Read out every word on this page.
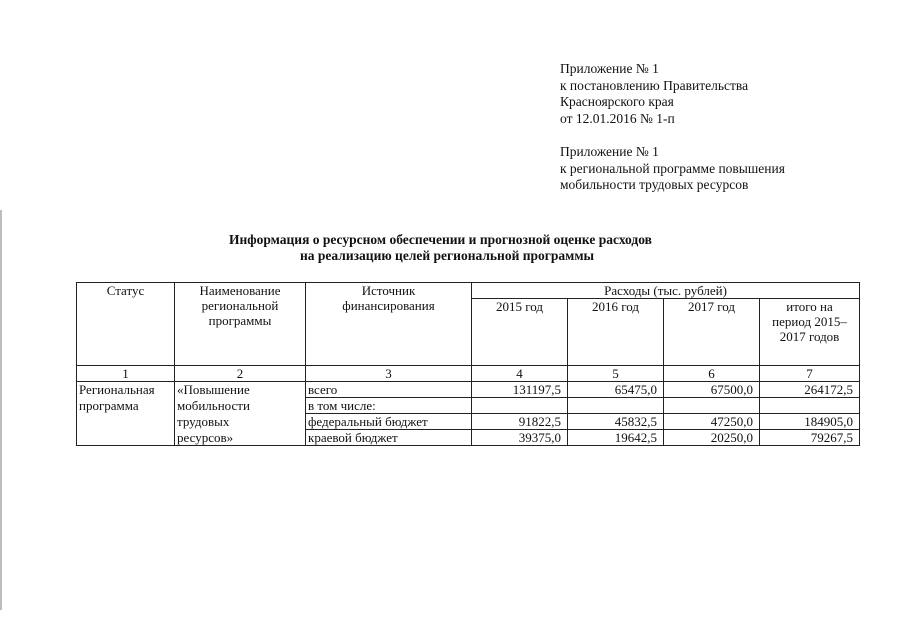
Приложение № 1
к постановлению Правительства
Красноярского края
от 12.01.2016 № 1-п
Приложение № 1
к региональной программе повышения
мобильности трудовых ресурсов
Информация о ресурсном обеспечении и прогнозной оценке расходов
на реализацию целей региональной программы
Статус	Наименование региональной программы	Источник финансирования	Расходы (тыс. рублей)			
			2015 год	2016 год	2017 год	итого на период 2015–2017 годов
1	2	3	4	5	6	7
Региональная	«Повышение	всего	131197,5	65475,0	67500,0	264172,5
программа	мобильности	в том числе:				
	трудовых	федеральный бюджет	91822,5	45832,5	47250,0	184905,0
	ресурсов»	краевой бюджет	39375,0	19642,5	20250,0	79267,5
